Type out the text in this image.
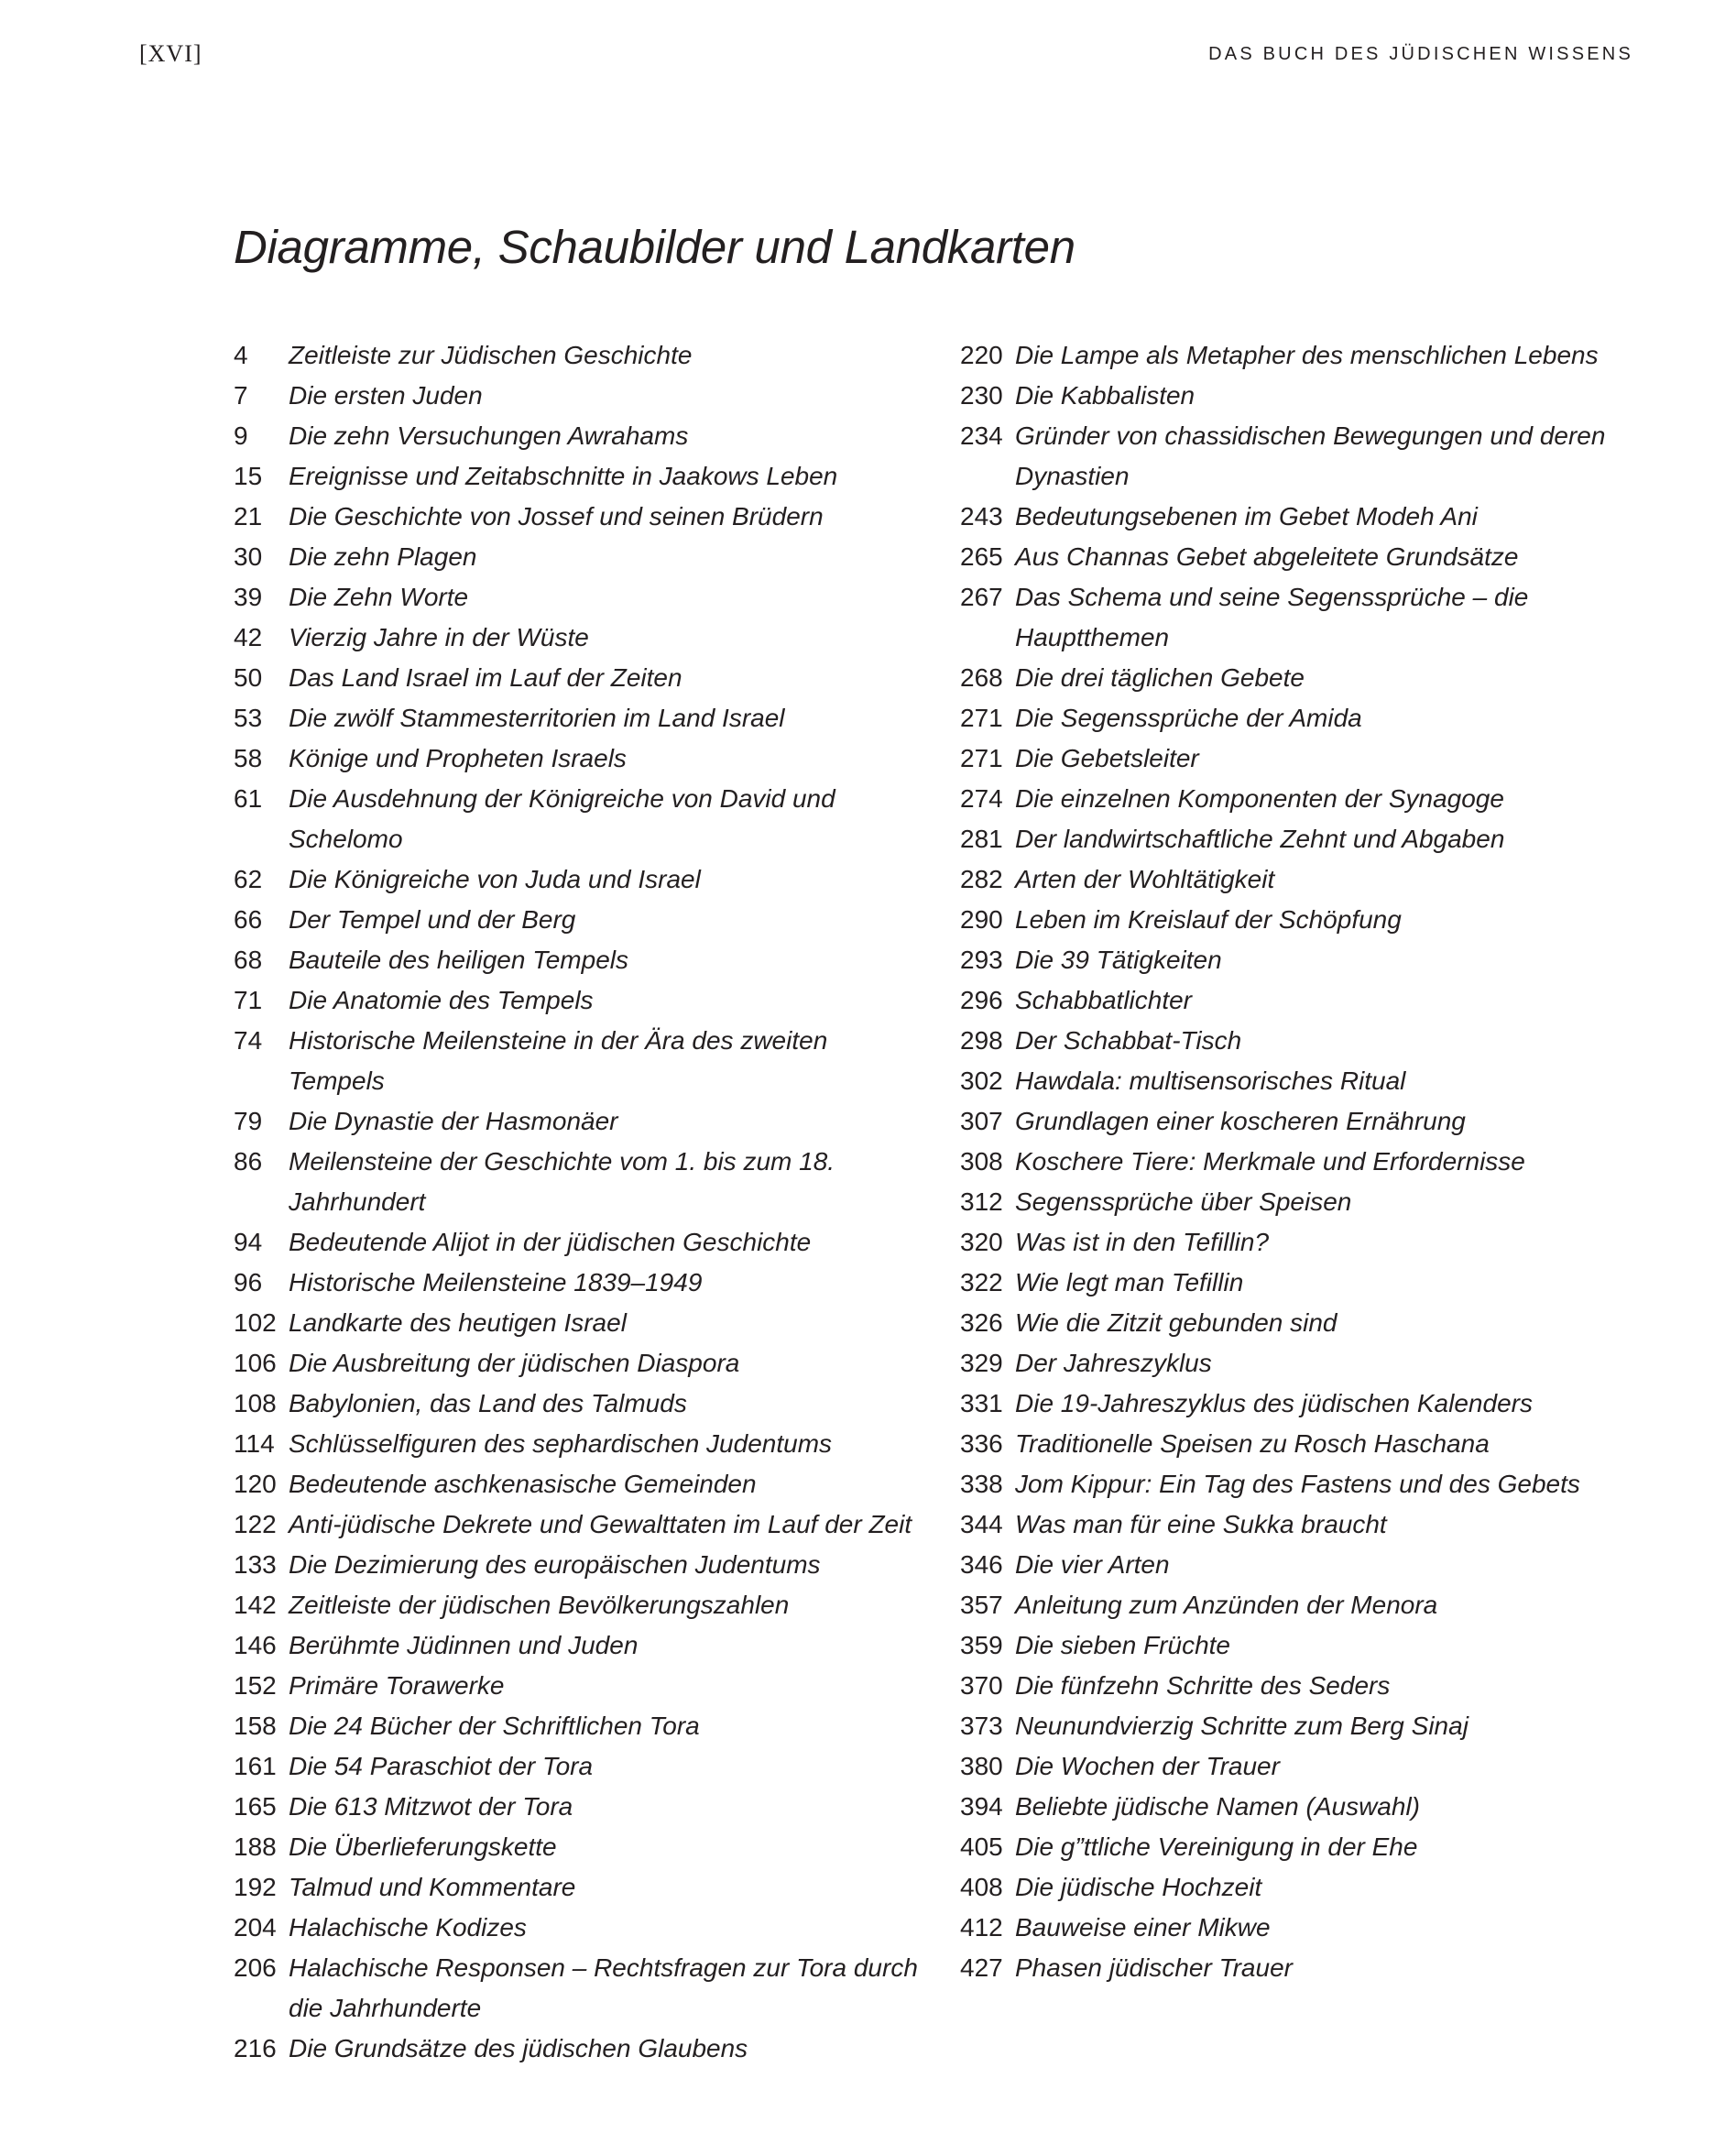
[XVI]	DAS BUCH DES JÜDISCHEN WISSENS
Diagramme, Schaubilder und Landkarten
4	Zeitleiste zur Jüdischen Geschichte
7	Die ersten Juden
9	Die zehn Versuchungen Awrahams
15	Ereignisse und Zeitabschnitte in Jaakows Leben
21	Die Geschichte von Jossef und seinen Brüdern
30	Die zehn Plagen
39	Die Zehn Worte
42	Vierzig Jahre in der Wüste
50	Das Land Israel im Lauf der Zeiten
53	Die zwölf Stammesterritorien im Land Israel
58	Könige und Propheten Israels
61	Die Ausdehnung der Königreiche von David und Schelomo
62	Die Königreiche von Juda und Israel
66	Der Tempel und der Berg
68	Bauteile des heiligen Tempels
71	Die Anatomie des Tempels
74	Historische Meilensteine in der Ära des zweiten Tempels
79	Die Dynastie der Hasmonäer
86	Meilensteine der Geschichte vom 1. bis zum 18. Jahrhundert
94	Bedeutende Alijot in der jüdischen Geschichte
96	Historische Meilensteine 1839–1949
102 Landkarte des heutigen Israel
106 Die Ausbreitung der jüdischen Diaspora
108 Babylonien, das Land des Talmuds
114 Schlüsselfiguren des sephardischen Judentums
120 Bedeutende aschkenasische Gemeinden
122 Anti-jüdische Dekrete und Gewalttaten im Lauf der Zeit
133 Die Dezimierung des europäischen Judentums
142 Zeitleiste der jüdischen Bevölkerungszahlen
146 Berühmte Jüdinnen und Juden
152 Primäre Torawerke
158 Die 24 Bücher der Schriftlichen Tora
161 Die 54 Paraschiot der Tora
165 Die 613 Mitzwot der Tora
188 Die Überlieferungskette
192 Talmud und Kommentare
204 Halachische Kodizes
206 Halachische Responsen – Rechtsfragen zur Tora durch die Jahrhunderte
216 Die Grundsätze des jüdischen Glaubens
220 Die Lampe als Metapher des menschlichen Lebens
230 Die Kabbalisten
234 Gründer von chassidischen Bewegungen und deren Dynastien
243 Bedeutungsebenen im Gebet Modeh Ani
265 Aus Channas Gebet abgeleitete Grundsätze
267 Das Schema und seine Segenssprüche – die Hauptthemen
268 Die drei täglichen Gebete
271 Die Segenssprüche der Amida
271 Die Gebetsleiter
274 Die einzelnen Komponenten der Synagoge
281 Der landwirtschaftliche Zehnt und Abgaben
282 Arten der Wohltätigkeit
290 Leben im Kreislauf der Schöpfung
293 Die 39 Tätigkeiten
296 Schabbatlichter
298 Der Schabbat-Tisch
302 Hawdala: multisensorisches Ritual
307 Grundlagen einer koscheren Ernährung
308 Koschere Tiere: Merkmale und Erfordernisse
312 Segenssprüche über Speisen
320 Was ist in den Tefillin?
322 Wie legt man Tefillin
326 Wie die Zitzit gebunden sind
329 Der Jahreszyklus
331 Die 19-Jahreszyklus des jüdischen Kalenders
336 Traditionelle Speisen zu Rosch Haschana
338 Jom Kippur: Ein Tag des Fastens und des Gebets
344 Was man für eine Sukka braucht
346 Die vier Arten
357 Anleitung zum Anzünden der Menora
359 Die sieben Früchte
370 Die fünfzehn Schritte des Seders
373 Neunundvierzig Schritte zum Berg Sinaj
380 Die Wochen der Trauer
394 Beliebte jüdische Namen (Auswahl)
405 Die g”ttliche Vereinigung in der Ehe
408 Die jüdische Hochzeit
412 Bauweise einer Mikwe
427 Phasen jüdischer Trauer
